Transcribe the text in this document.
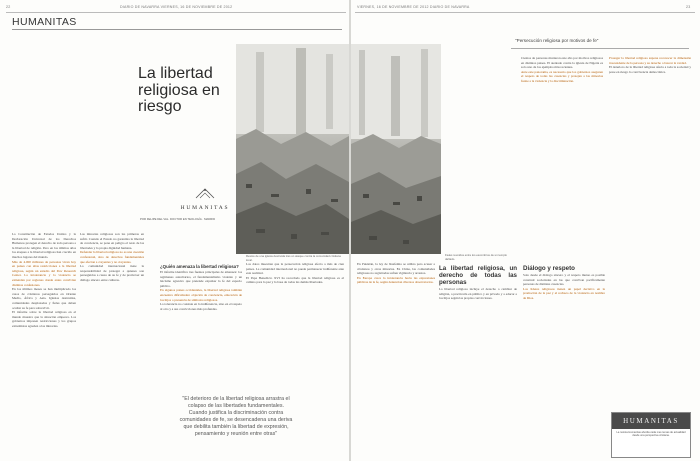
22	DIARIO DE NAVARRA VIERNES, 16 DE NOVIEMBRE DE 2012
HUMANITAS
La libertad religiosa en riesgo
HUMANITAS
POR FELIPE DEL VAL. DOCTOR EN TEOLOGÍA · MADRID

La Constitución de Estados Unidos y la Declaración Universal de los Derechos Humanos protegen el derecho de toda persona a la libertad de religión. Pero en los últimos años los ataques a la libertad religiosa han crecido en muchos lugares del mundo.

Más de 4.000 millones de personas viven hoy en países con altas restricciones a la libertad religiosa, según un estudio del Pew Research Center. La intolerancia y la violencia se extienden por regiones donde antes convivían distintas confesiones.

En los últimos meses se han multiplicado los casos de cristianos perseguidos en Oriente Medio, África y Asia. Iglesias destruidas, comunidades desplazadas y fieles que deben ocultar su fe para sobrevivir.

El informe sobre la libertad religiosa en el mundo muestra que la situación empeora. Los gobiernos imponen restricciones y los grupos extremistas agreden a las minorías.

Las minorías religiosas son las primeras en sufrir. Cuando el Estado no garantiza la libertad de conciencia, se pone en peligro el resto de las libertades y la propia dignidad humana.

Defender la libertad religiosa no es una cuestión confesional, sino de derechos fundamentales que afectan a creyentes y no creyentes.

La comunidad internacional tiene la responsabilidad de proteger a quienes son perseguidos a causa de su fe y de promover un diálogo sincero entre culturas.

¿Quién amenaza la libertad religiosa?

El informe identifica tres fuentes principales de amenaza: los regímenes autoritarios, el fundamentalismo violento y un laicismo agresivo que pretende expulsar la fe del espacio público.

En algunos países occidentales, la libertad religiosa también encuentra dificultades: objeción de conciencia, educación de los hijos o presencia de símbolos religiosos.

La tolerancia no consiste en la indiferencia, sino en el respeto al otro y a sus convicciones más profundas.

Los datos muestran que la persecución religiosa afecta a más de cien países. La comunidad internacional no puede permanecer indiferente ante esta realidad.

El Papa Benedicto XVI ha recordado que la libertad religiosa es el camino para la paz y la base de todas las demás libertades.

Restos de una iglesia destruida tras un ataque contra la comunidad cristiana local.
"El deterioro de la libertad religiosa arrastra el colapso de las libertades fundamentales. Cuando justifica la discriminación contra comunidades de fe, se desencadena una deriva que debilita también la libertad de expresión, pensamiento y reunión entre otras"
VIERNES, 16 DE NOVIEMBRE DE 2012 DIARIO DE NAVARRA	23
"Persecución religiosa por motivos de fe"
Fieles reunidos entre los escombros de un templo dañado.

Cientos de personas murieron este año por motivos religiosos en distintos países. El atentado contra la iglesia de Nigeria es solo uno de los ejemplos más recientes.

Ante este panorama, es necesario que los gobiernos aseguren el respeto de todas las creencias y protejan a las minorías frente a la violencia y la discriminación.

Proteger la libertad religiosa supone reconocer la dimensión trascendente de la persona y su derecho a buscar la verdad.

El deterioro de la libertad religiosa afecta a toda la sociedad y pone en riesgo la convivencia democrática.

En Pakistán, la ley de blasfemia se utiliza para acusar a cristianos y otras minorías. En China, las comunidades religiosas no registradas sufren vigilancia y arrestos.

En Europa crece la intolerancia hacia las expresiones públicas de la fe, según denuncian diversos observatorios.

La libertad religiosa, un derecho de todas las personas

La libertad religiosa incluye el derecho a cambiar de religión, a practicarla en público y en privado y a educar a los hijos según las propias convicciones.

Diálogo y respeto

Solo desde el diálogo sincero y el respeto mutuo es posible construir sociedades en las que convivan pacíficamente personas de distintas creencias.

Los líderes religiosos tienen un papel decisivo en la promoción de la paz y el rechazo de la violencia en nombre de Dios.

HUMANITAS
La revista Humanitas aborda cada mes temas de actualidad desde una perspectiva cristiana.
